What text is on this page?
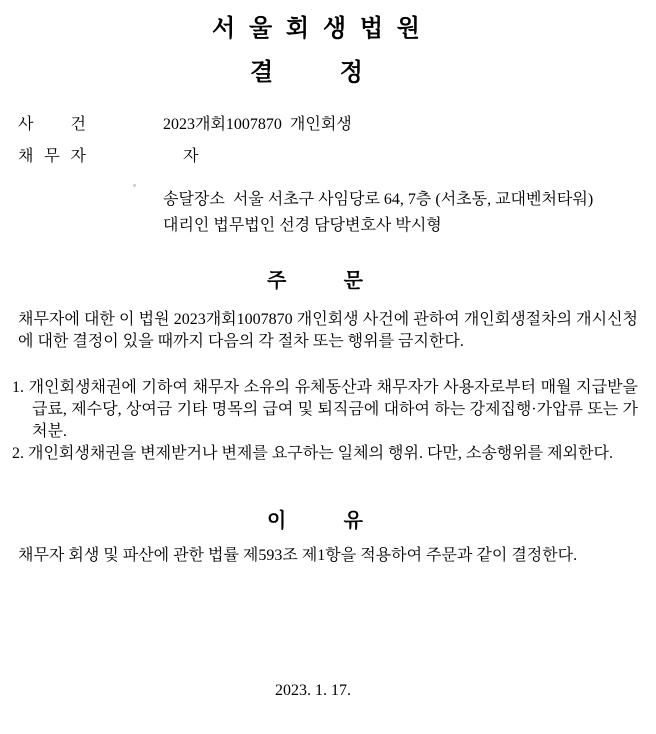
서 울 회 생 법 원
결 정
사 건	2023개회1007870  개인회생
채 무 자	자
송달장소  서울 서초구 사임당로 64, 7층 (서초동, 교대벤처타워)
대리인 법무법인 선경 담당변호사 박시형
주 문
채무자에 대한 이 법원 2023개회1007870 개인회생 사건에 관하여 개인회생절차의 개시신청에 대한 결정이 있을 때까지 다음의 각 절차 또는 행위를 금지한다.
1. 개인회생채권에 기하여 채무자 소유의 유체동산과 채무자가 사용자로부터 매월 지급받을 급료, 제수당, 상여금 기타 명목의 급여 및 퇴직금에 대하여 하는 강제집행·가압류 또는 가처분.
2. 개인회생채권을 변제받거나 변제를 요구하는 일체의 행위. 다만, 소송행위를 제외한다.
이 유
채무자 회생 및 파산에 관한 법률 제593조 제1항을 적용하여 주문과 같이 결정한다.
2023. 1. 17.
